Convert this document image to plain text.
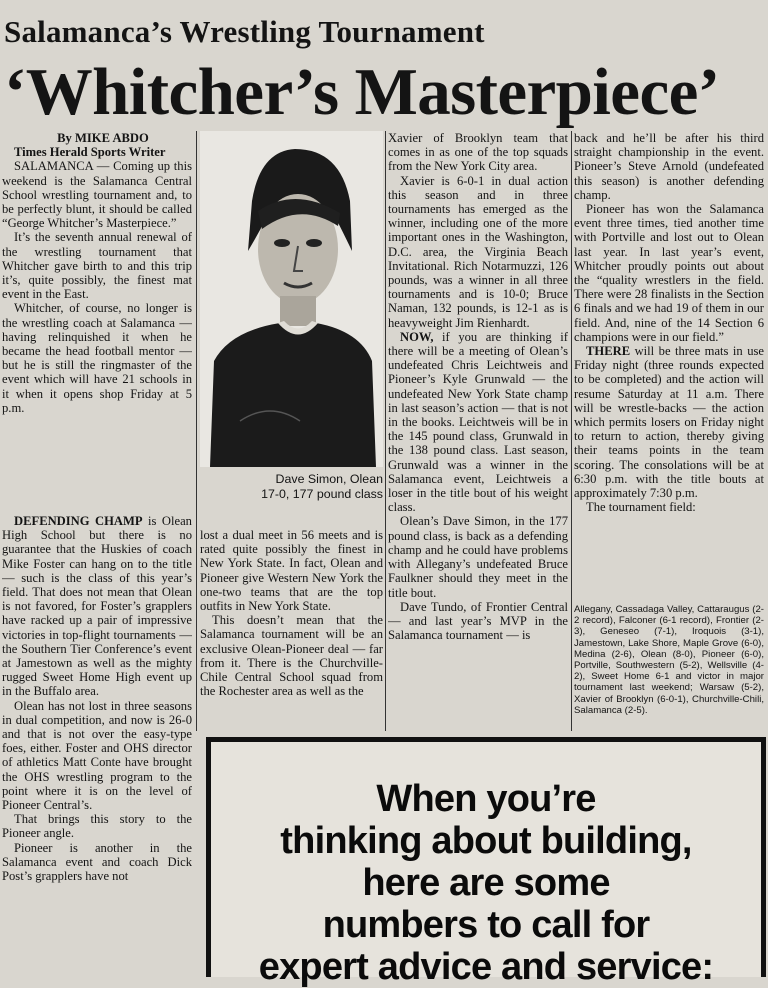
Salamanca’s Wrestling Tournament
‘Whitcher’s Masterpiece’

By MIKE ABDO

Times Herald Sports Writer

SALAMANCA — Coming up this weekend is the Salamanca Central School wrestling tournament and, to be perfectly blunt, it should be called “George Whitcher’s Masterpiece.”

It’s the seventh annual renewal of the wrestling tournament that Whitcher gave birth to and this trip it’s, quite possibly, the finest mat event in the East.

Whitcher, of course, no longer is the wrestling coach at Salamanca — having relinquished it when he became the head football mentor — but he is still the ringmaster of the event which will have 21 schools in it when it opens shop Friday at 5 p.m.

DEFENDING CHAMP is Olean High School but there is no guarantee that the Huskies of coach Mike Foster can hang on to the title — such is the class of this year’s field. That does not mean that Olean is not favored, for Foster’s grapplers have racked up a pair of impressive victories in top-flight tournaments — the Southern Tier Conference’s event at Jamestown as well as the mighty rugged Sweet Home High event up in the Buffalo area.

Olean has not lost in three seasons in dual competition, and now is 26-0 and that is not over the easy-type foes, either. Foster and OHS director of athletics Matt Conte have brought the OHS wrestling program to the point where it is on the level of Pioneer Central’s.

That brings this story to the Pioneer angle.

Pioneer is another in the Salamanca event and coach Dick Post’s grapplers have not

Dave Simon, Olean
17-0, 177 pound class

lost a dual meet in 56 meets and is rated quite possibly the finest in New York State. In fact, Olean and Pioneer give Western New York the one-two teams that are the top outfits in New York State.

This doesn’t mean that the Salamanca tournament will be an exclusive Olean-Pioneer deal — far from it. There is the Churchville-Chile Central School squad from the Rochester area as well as the

Xavier of Brooklyn team that comes in as one of the top squads from the New York City area.

Xavier is 6-0-1 in dual action this season and in three tournaments has emerged as the winner, including one of the more important ones in the Washington, D.C. area, the Virginia Beach Invitational. Rich Notarmuzzi, 126 pounds, was a winner in all three tournaments and is 10-0; Bruce Naman, 132 pounds, is 12-1 as is heavyweight Jim Rienhardt.

NOW, if you are thinking if there will be a meeting of Olean’s undefeated Chris Leichtweis and Pioneer’s Kyle Grunwald — the undefeated New York State champ in last season’s action — that is not in the books. Leichtweis will be in the 145 pound class, Grunwald in the 138 pound class. Last season, Grunwald was a winner in the Salamanca event, Leichtweis a loser in the title bout of his weight class.

Olean’s Dave Simon, in the 177 pound class, is back as a defending champ and he could have problems with Allegany’s undefeated Bruce Faulkner should they meet in the title bout.

Dave Tundo, of Frontier Central — and last year’s MVP in the Salamanca tournament — is

back and he’ll be after his third straight championship in the event. Pioneer’s Steve Arnold (undefeated this season) is another defending champ.

Pioneer has won the Salamanca event three times, tied another time with Portville and lost out to Olean last year. In last year’s event, Whitcher proudly points out about the “quality wrestlers in the field. There were 28 finalists in the Section 6 finals and we had 19 of them in our field. And, nine of the 14 Section 6 champions were in our field.”

THERE will be three mats in use Friday night (three rounds expected to be completed) and the action will resume Saturday at 11 a.m. There will be wrestle-backs — the action which permits losers on Friday night to return to action, thereby giving their teams points in the team scoring. The consolations will be at 6:30 p.m. with the title bouts at approximately 7:30 p.m.

The tournament field:

Allegany, Cassadaga Valley, Cattaraugus (2-2 record), Falconer (6-1 record), Frontier (2-3), Geneseo (7-1), Iroquois (3-1), Jamestown, Lake Shore, Maple Grove (6-0), Medina (2-6), Olean (8-0), Pioneer (6-0), Portville, Southwestern (5-2), Wellsville (4-2), Sweet Home 6-1 and victor in major tournament last weekend; Warsaw (5-2), Xavier of Brooklyn (6-0-1), Churchville-Chili, Salamanca (2-5).
When you’re
thinking about building,
here are some
numbers to call for
expert advice and service:
